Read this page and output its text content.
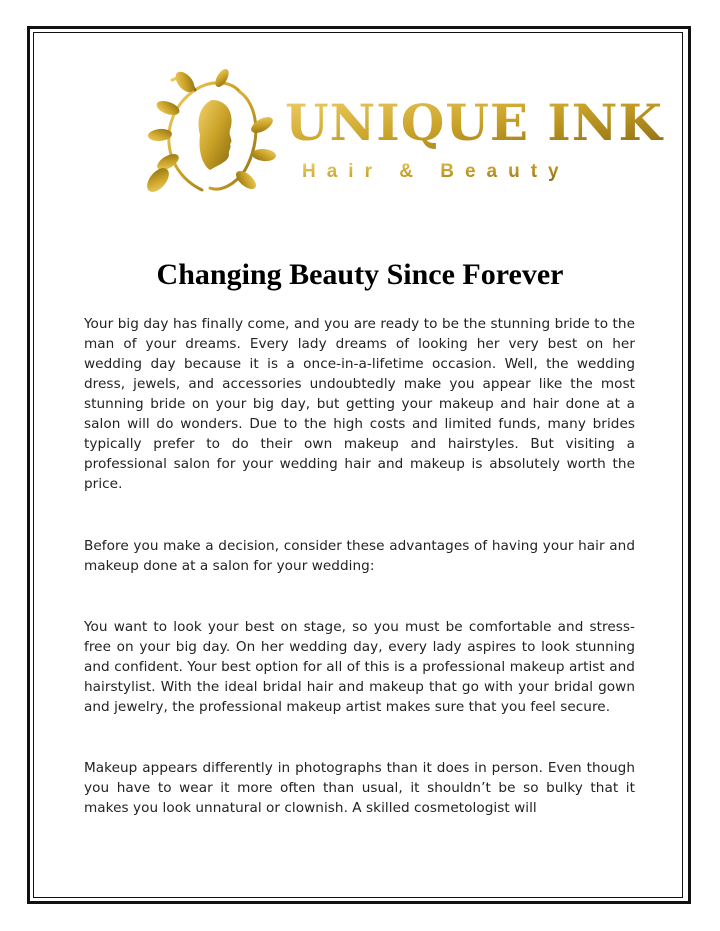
UNIQUE INK
Hair & Beauty
Changing Beauty Since Forever

Your big day has finally come, and you are ready to be the stunning bride to the man of your dreams. Every lady dreams of looking her very best on her wedding day because it is a once-in-a-lifetime occasion. Well, the wedding dress, jewels, and accessories undoubtedly make you appear like the most stunning bride on your big day, but getting your makeup and hair done at a salon will do wonders. Due to the high costs and limited funds, many brides typically prefer to do their own makeup and hairstyles. But visiting a professional salon for your wedding hair and makeup is absolutely worth the price.

Before you make a decision, consider these advantages of having your hair and makeup done at a salon for your wedding:

You want to look your best on stage, so you must be comfortable and stress-free on your big day. On her wedding day, every lady aspires to look stunning and confident. Your best option for all of this is a professional makeup artist and hairstylist. With the ideal bridal hair and makeup that go with your bridal gown and jewelry, the professional makeup artist makes sure that you feel secure.

Makeup appears differently in photographs than it does in person. Even though you have to wear it more often than usual, it shouldn’t be so bulky that it makes you look unnatural or clownish. A skilled cosmetologist will
